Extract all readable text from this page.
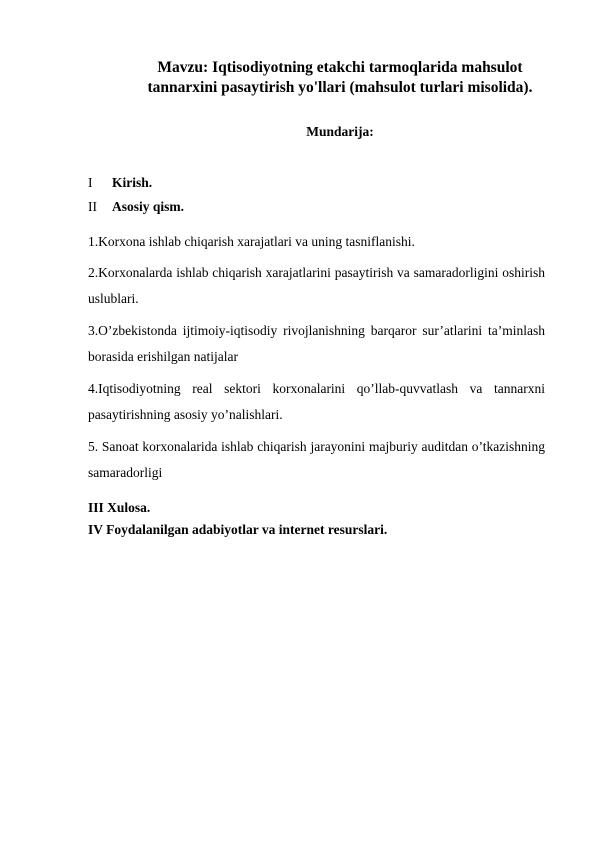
Mavzu: Iqtisodiyotning etakchi tarmoqlarida mahsulot
tannarxini pasaytirish yo'llari (mahsulot turlari misolida).
Mundarija:
I Kirish.
II Asosiy qism.
1.Korxona ishlab chiqarish xarajatlari va uning tasniflanishi.
2.Korxonalarda ishlab chiqarish xarajatlarini pasaytirish va samaradorligini oshirish
uslublari.
3.O’zbekistonda ijtimoiy-iqtisodiy rivojlanishning barqaror sur’atlarini ta’minlash
borasida erishilgan natijalar
4.Iqtisodiyotning real sektori korxonalarini qo’llab-quvvatlash va tannarxni
pasaytirishning asosiy yo’nalishlari.
5. Sanoat korxonalarida ishlab chiqarish jarayonini majburiy auditdan o’tkazishning
samaradorligi
III Xulosa.
IV Foydalanilgan adabiyotlar va internet resurslari.
